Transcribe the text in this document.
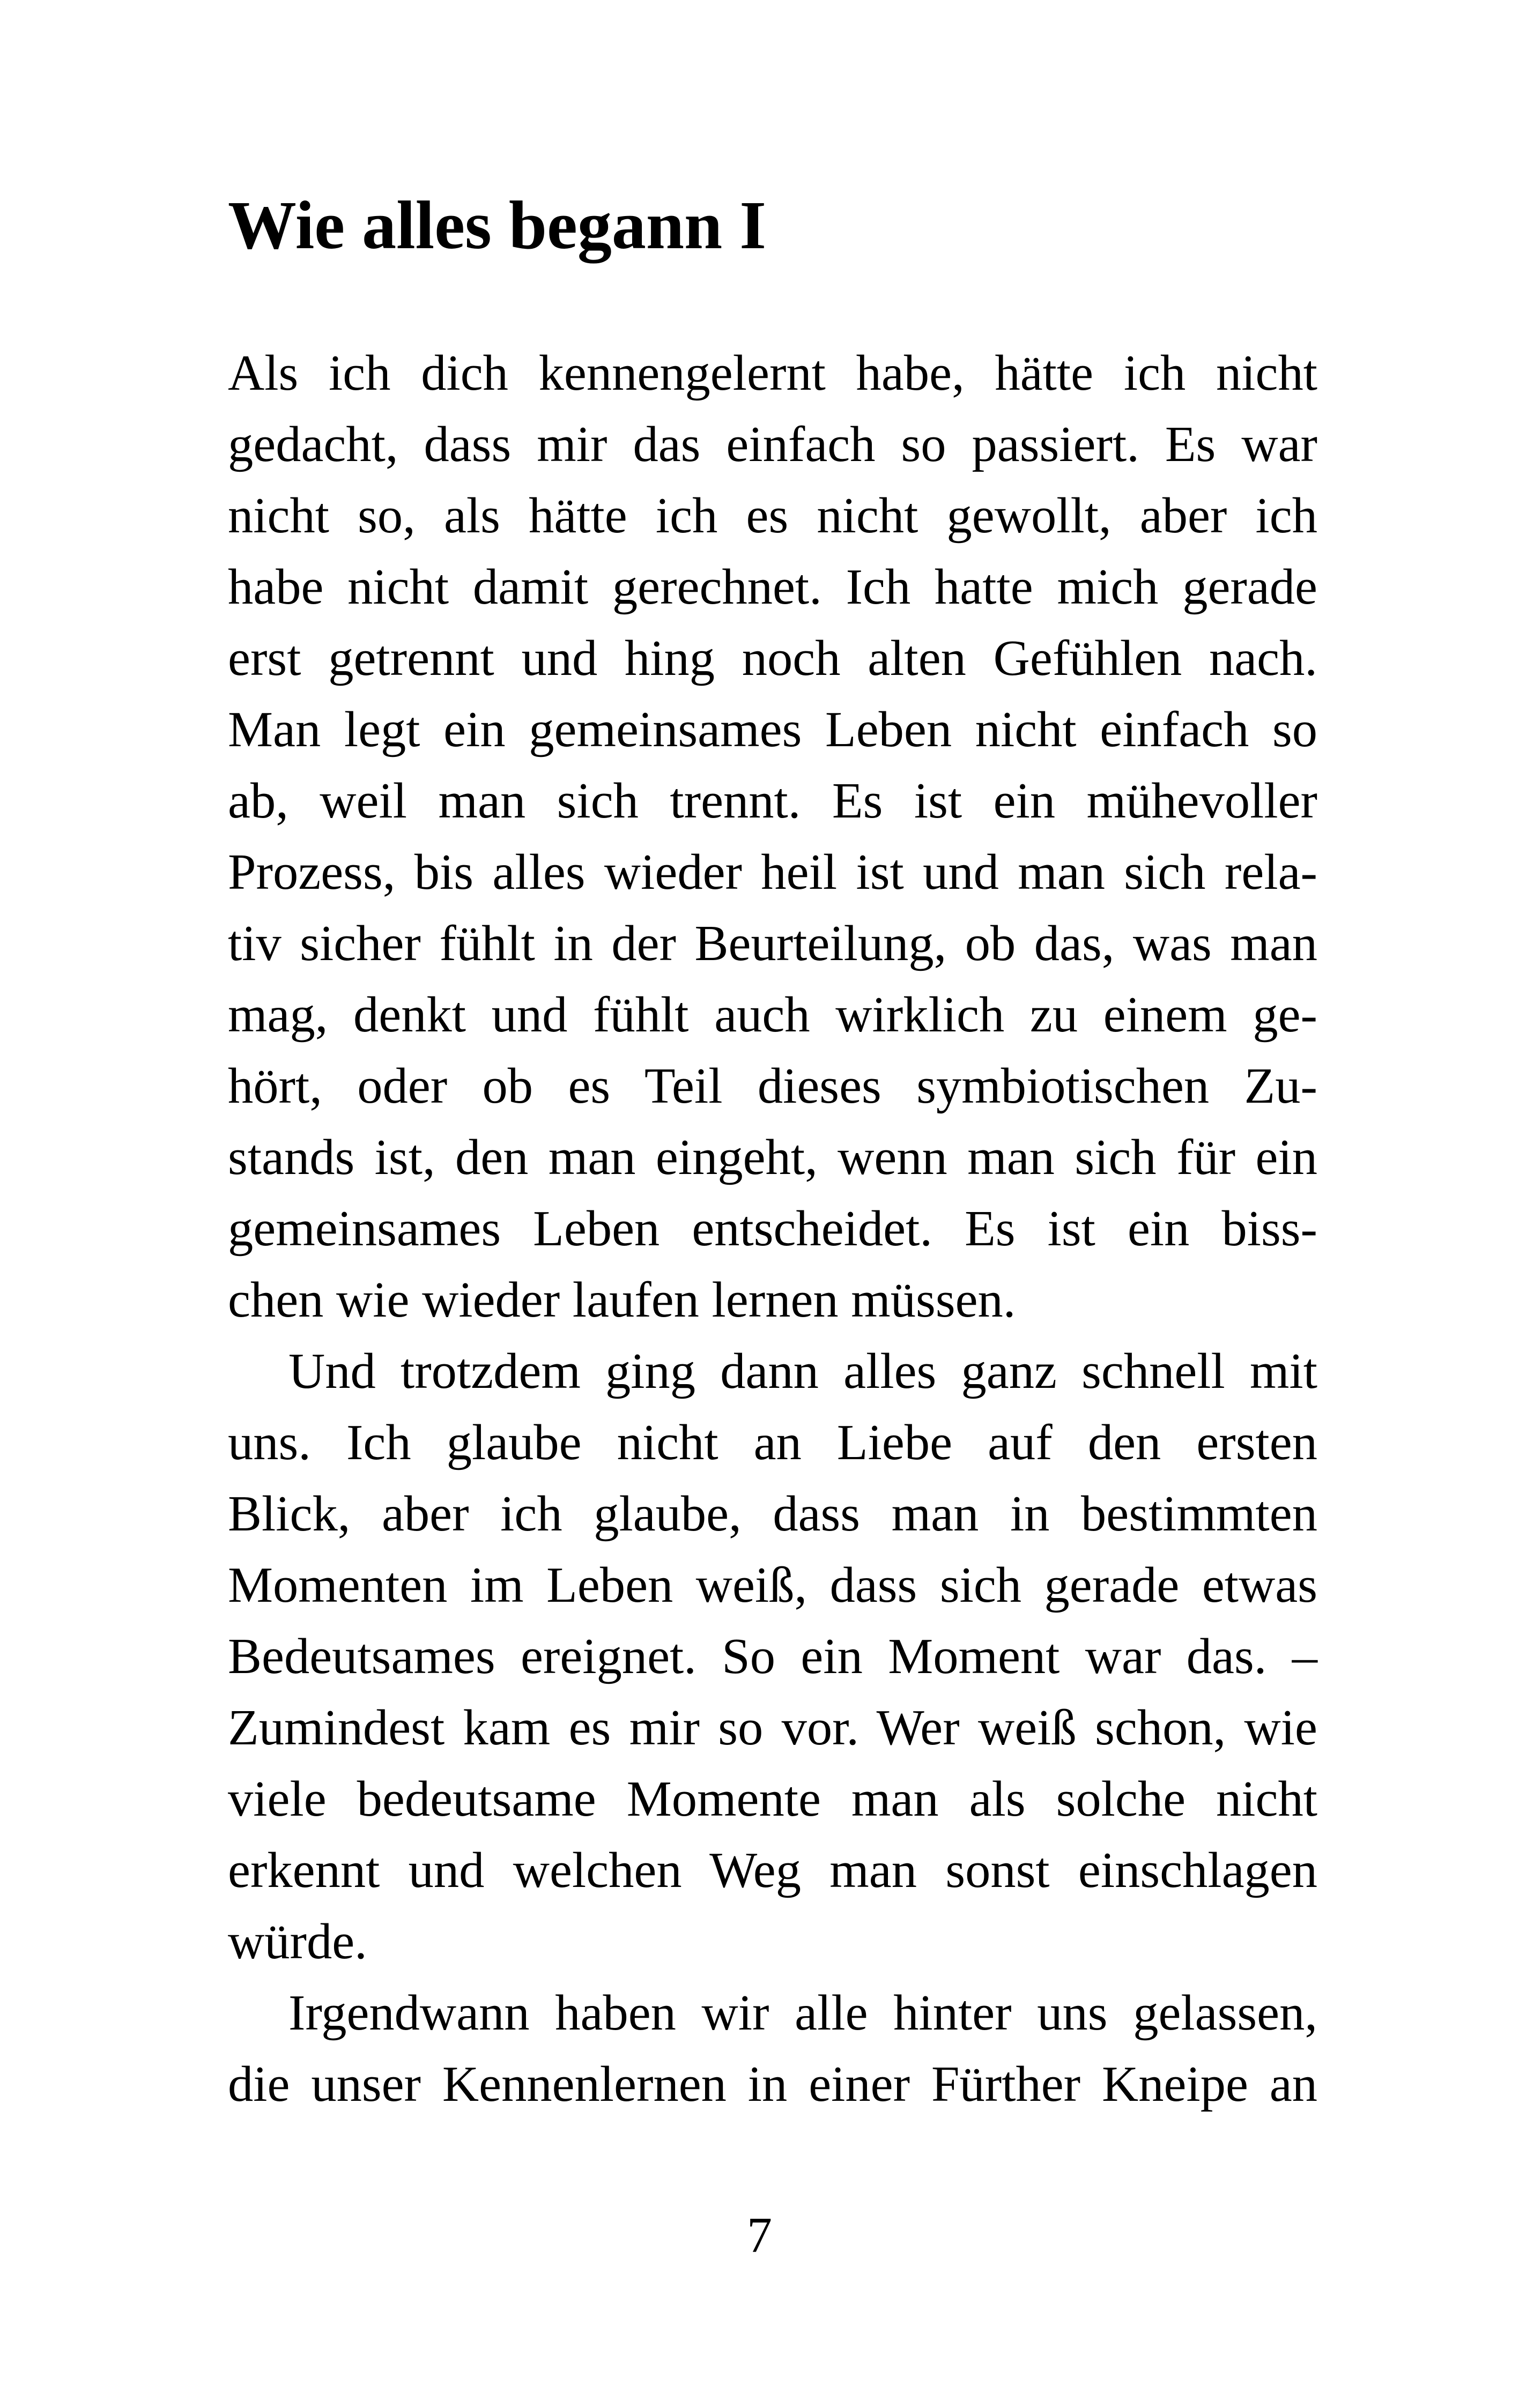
Wie alles begann I
Als ich dich kennengelernt habe, hätte ich nicht
gedacht, dass mir das einfach so passiert. Es war
nicht so, als hätte ich es nicht gewollt, aber ich
habe nicht damit gerechnet. Ich hatte mich gerade
erst getrennt und hing noch alten Gefühlen nach.
Man legt ein gemeinsames Leben nicht einfach so
ab, weil man sich trennt. Es ist ein mühevoller
Prozess, bis alles wieder heil ist und man sich rela-
tiv sicher fühlt in der Beurteilung, ob das, was man
mag, denkt und fühlt auch wirklich zu einem ge-
hört, oder ob es Teil dieses symbiotischen Zu-
stands ist, den man eingeht, wenn man sich für ein
gemeinsames Leben entscheidet. Es ist ein biss-
chen wie wieder laufen lernen müssen.
Und trotzdem ging dann alles ganz schnell mit
uns. Ich glaube nicht an Liebe auf den ersten
Blick, aber ich glaube, dass man in bestimmten
Momenten im Leben weiß, dass sich gerade etwas
Bedeutsames ereignet. So ein Moment war das. –
Zumindest kam es mir so vor. Wer weiß schon, wie
viele bedeutsame Momente man als solche nicht
erkennt und welchen Weg man sonst einschlagen
würde.
Irgendwann haben wir alle hinter uns gelassen,
die unser Kennenlernen in einer Fürther Kneipe an
7
